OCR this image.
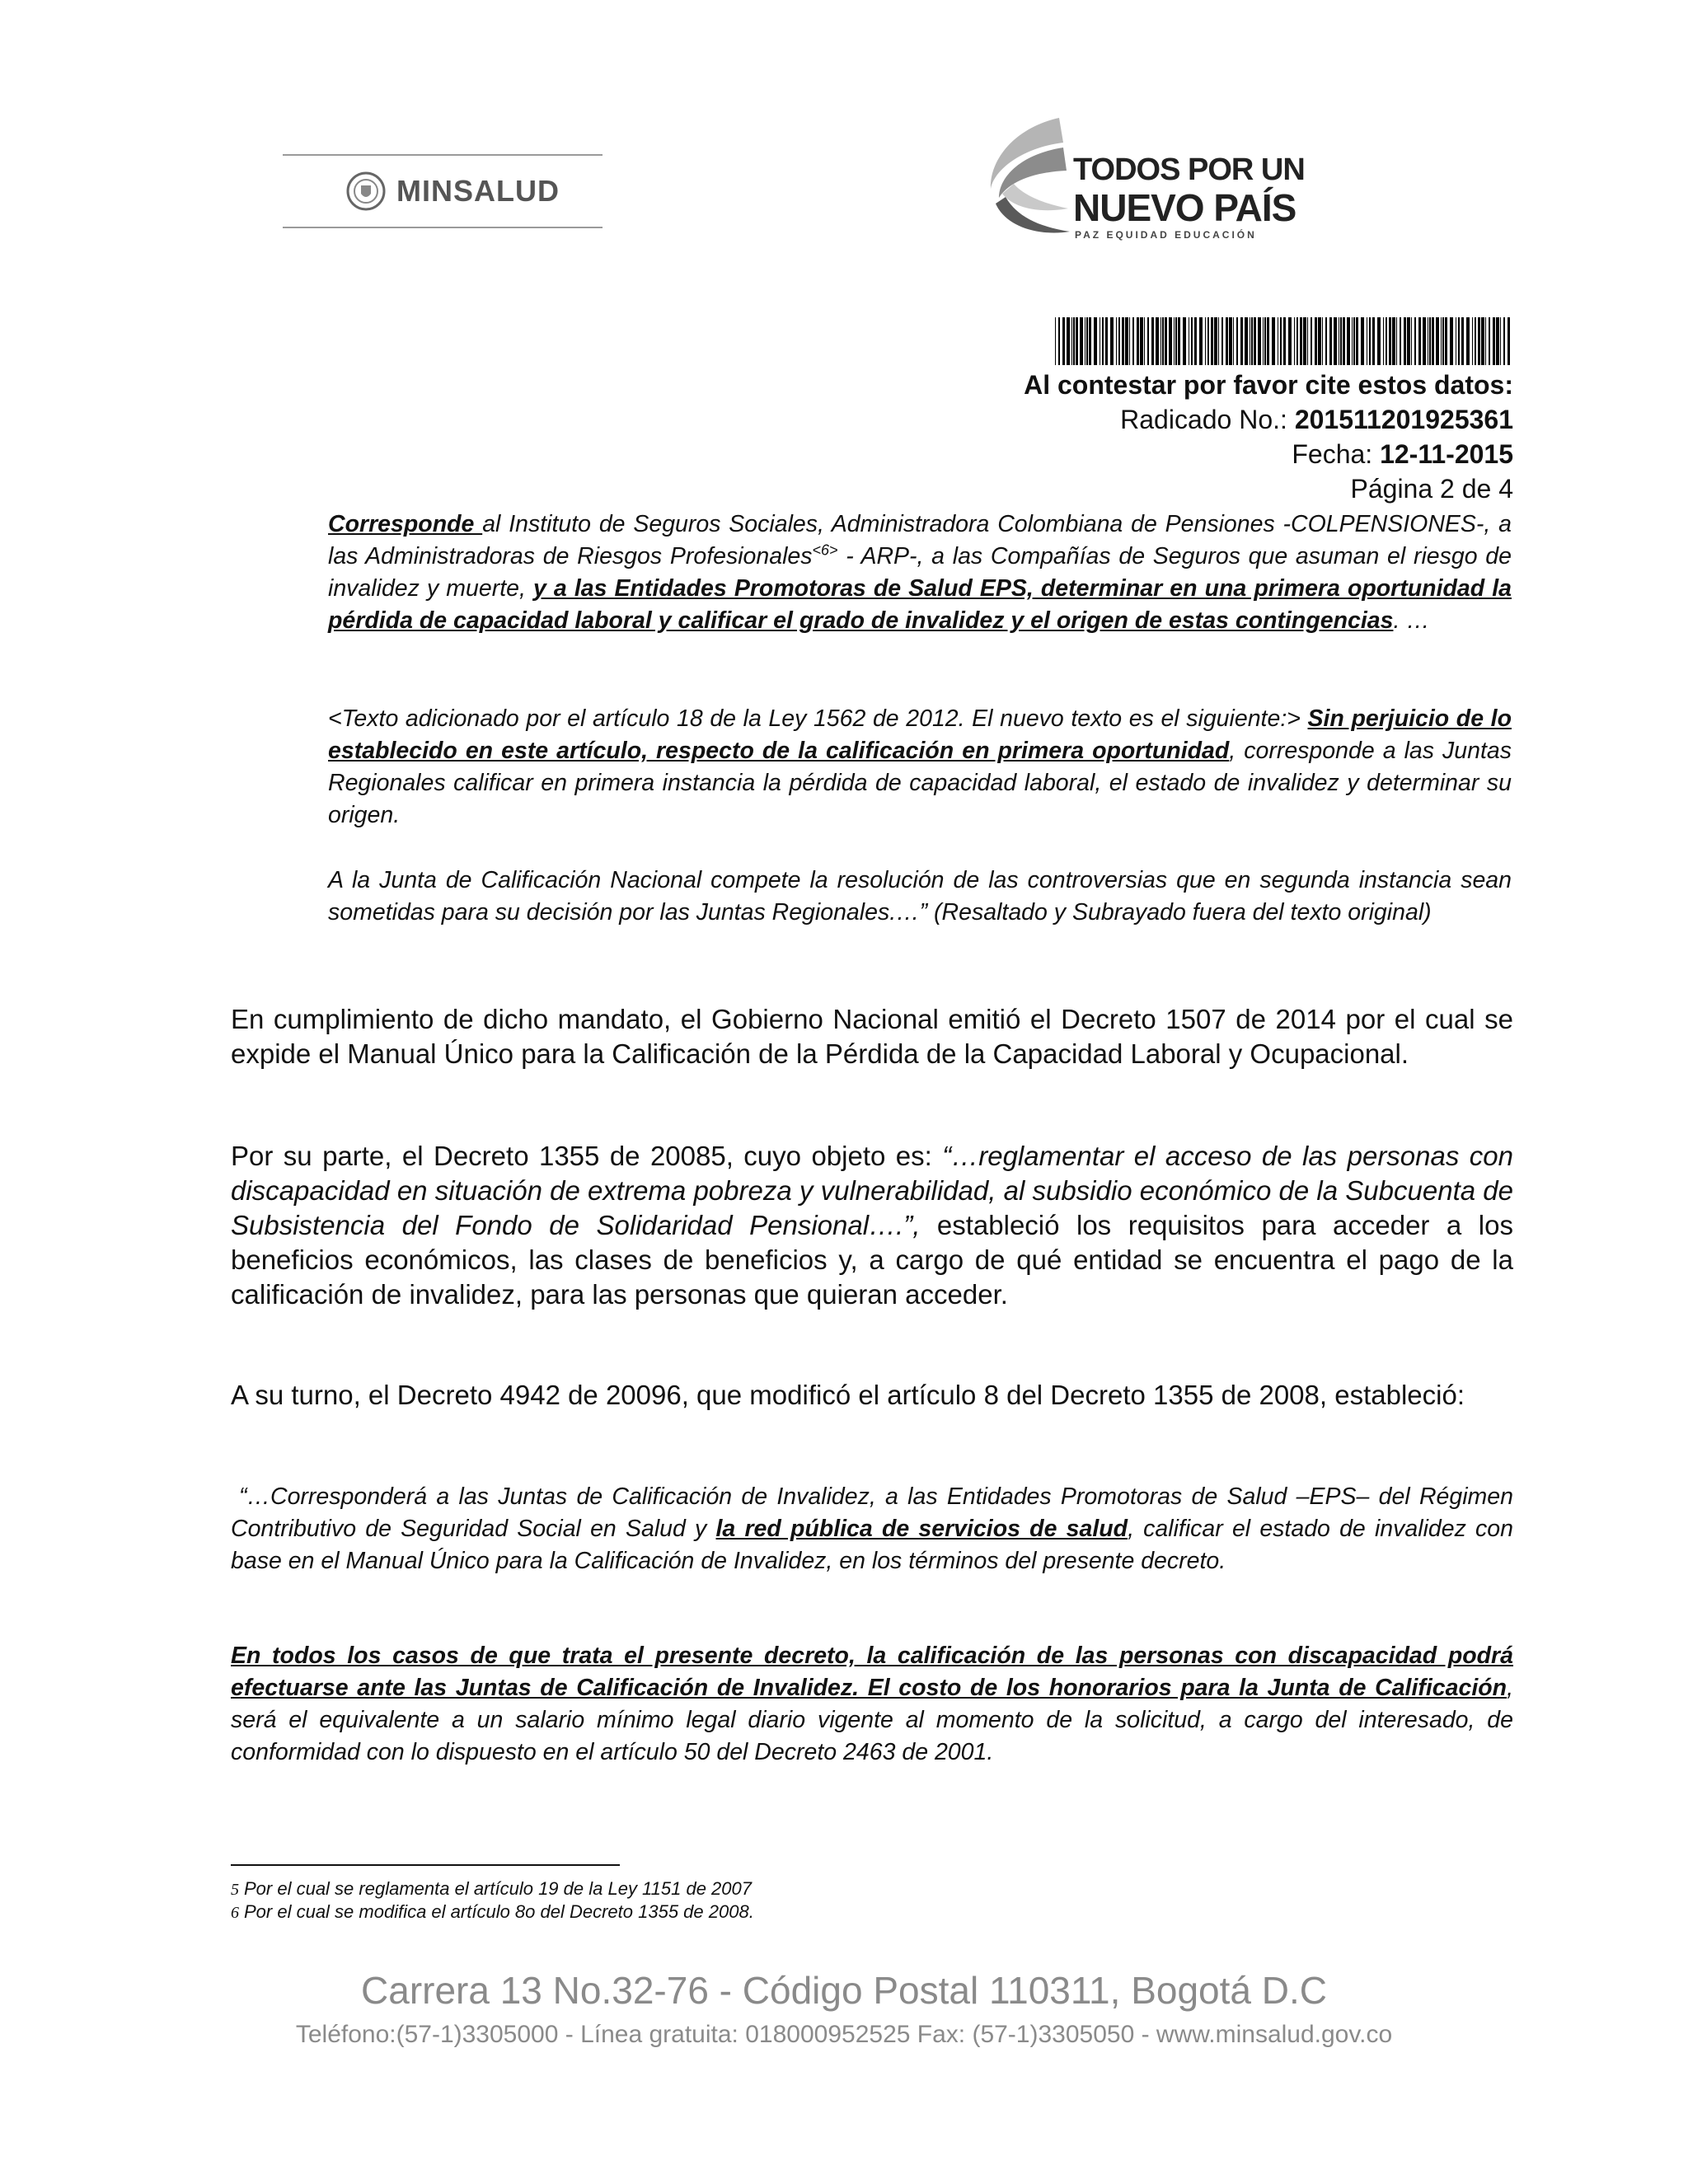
MINSALUD
TODOS POR UN
NUEVO PAÍS
PAZ EQUIDAD EDUCACIÓN
Al contestar por favor cite estos datos:
Radicado No.: 201511201925361
Fecha: 12-11-2015
Página 2 de 4

Corresponde al Instituto de Seguros Sociales, Administradora Colombiana de Pensiones -COLPENSIONES-, a las Administradoras de Riesgos Profesionales$^{<6>}$ - ARP-, a las Compañías de Seguros que asuman el riesgo de invalidez y muerte, y a las Entidades Promotoras de Salud EPS, determinar en una primera oportunidad la pérdida de capacidad laboral y calificar el grado de invalidez y el origen de estas contingencias. …

<Texto adicionado por el artículo 18 de la Ley 1562 de 2012. El nuevo texto es el siguiente:> Sin perjuicio de lo establecido en este artículo, respecto de la calificación en primera oportunidad, corresponde a las Juntas Regionales calificar en primera instancia la pérdida de capacidad laboral, el estado de invalidez y determinar su origen.

A la Junta de Calificación Nacional compete la resolución de las controversias que en segunda instancia sean sometidas para su decisión por las Juntas Regionales.…” (Resaltado y Subrayado fuera del texto original)

En cumplimiento de dicho mandato, el Gobierno Nacional emitió el Decreto 1507 de 2014 por el cual se expide el Manual Único para la Calificación de la Pérdida de la Capacidad Laboral y Ocupacional.

Por su parte, el Decreto 1355 de 20085, cuyo objeto es: “…reglamentar el acceso de las personas con discapacidad en situación de extrema pobreza y vulnerabilidad, al subsidio económico de la Subcuenta de Subsistencia del Fondo de Solidaridad Pensional….”, estableció los requisitos para acceder a los beneficios económicos, las clases de beneficios y, a cargo de qué entidad se encuentra el pago de la calificación de invalidez, para las personas que quieran acceder.

A su turno, el Decreto 4942 de 20096, que modificó el artículo 8 del Decreto 1355 de 2008, estableció:

“…Corresponderá a las Juntas de Calificación de Invalidez, a las Entidades Promotoras de Salud –EPS– del Régimen Contributivo de Seguridad Social en Salud y la red pública de servicios de salud, calificar el estado de invalidez con base en el Manual Único para la Calificación de Invalidez, en los términos del presente decreto.

En todos los casos de que trata el presente decreto, la calificación de las personas con discapacidad podrá efectuarse ante las Juntas de Calificación de Invalidez. El costo de los honorarios para la Junta de Calificación, será el equivalente a un salario mínimo legal diario vigente al momento de la solicitud, a cargo del interesado, de conformidad con lo dispuesto en el artículo 50 del Decreto 2463 de 2001.

5 Por el cual se reglamenta el artículo 19 de la Ley 1151 de 2007
6 Por el cual se modifica el artículo 8o del Decreto 1355 de 2008.
Carrera 13 No.32-76 - Código Postal 110311, Bogotá D.C
Teléfono:(57-1)3305000 - Línea gratuita: 018000952525 Fax: (57-1)3305050 - www.minsalud.gov.co
